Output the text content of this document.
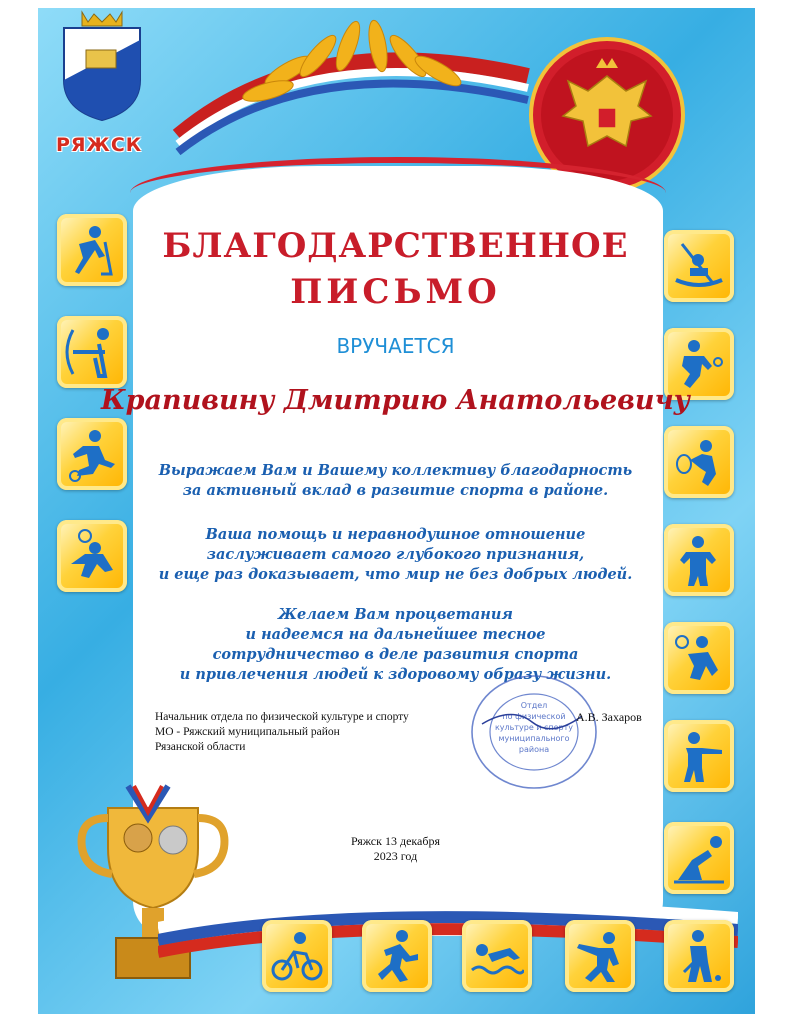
РЯЖСК
БЛАГОДАРСТВЕННОЕ
ПИСЬМО
ВРУЧАЕТСЯ
Крапивину Дмитрию Анатольевичу
Выражаем Вам и Вашему коллективу благодарность
за активный вклад в развитие спорта в районе.
Ваша помощь и неравнодушное отношение
заслуживает самого глубокого признания,
и еще раз доказывает, что мир не без добрых людей.
Желаем Вам процветания
и надеемся на дальнейшее тесное
сотрудничество в деле развития спорта
и привлечения людей к здоровому образу жизни.
Отдел
по физической
культуре и спорту
муниципального
района
Начальник отдела по физической культуре и спорту
МО - Ряжский муниципальный район
Рязанской области
А.В. Захаров
Ряжск 13 декабря
2023 год
